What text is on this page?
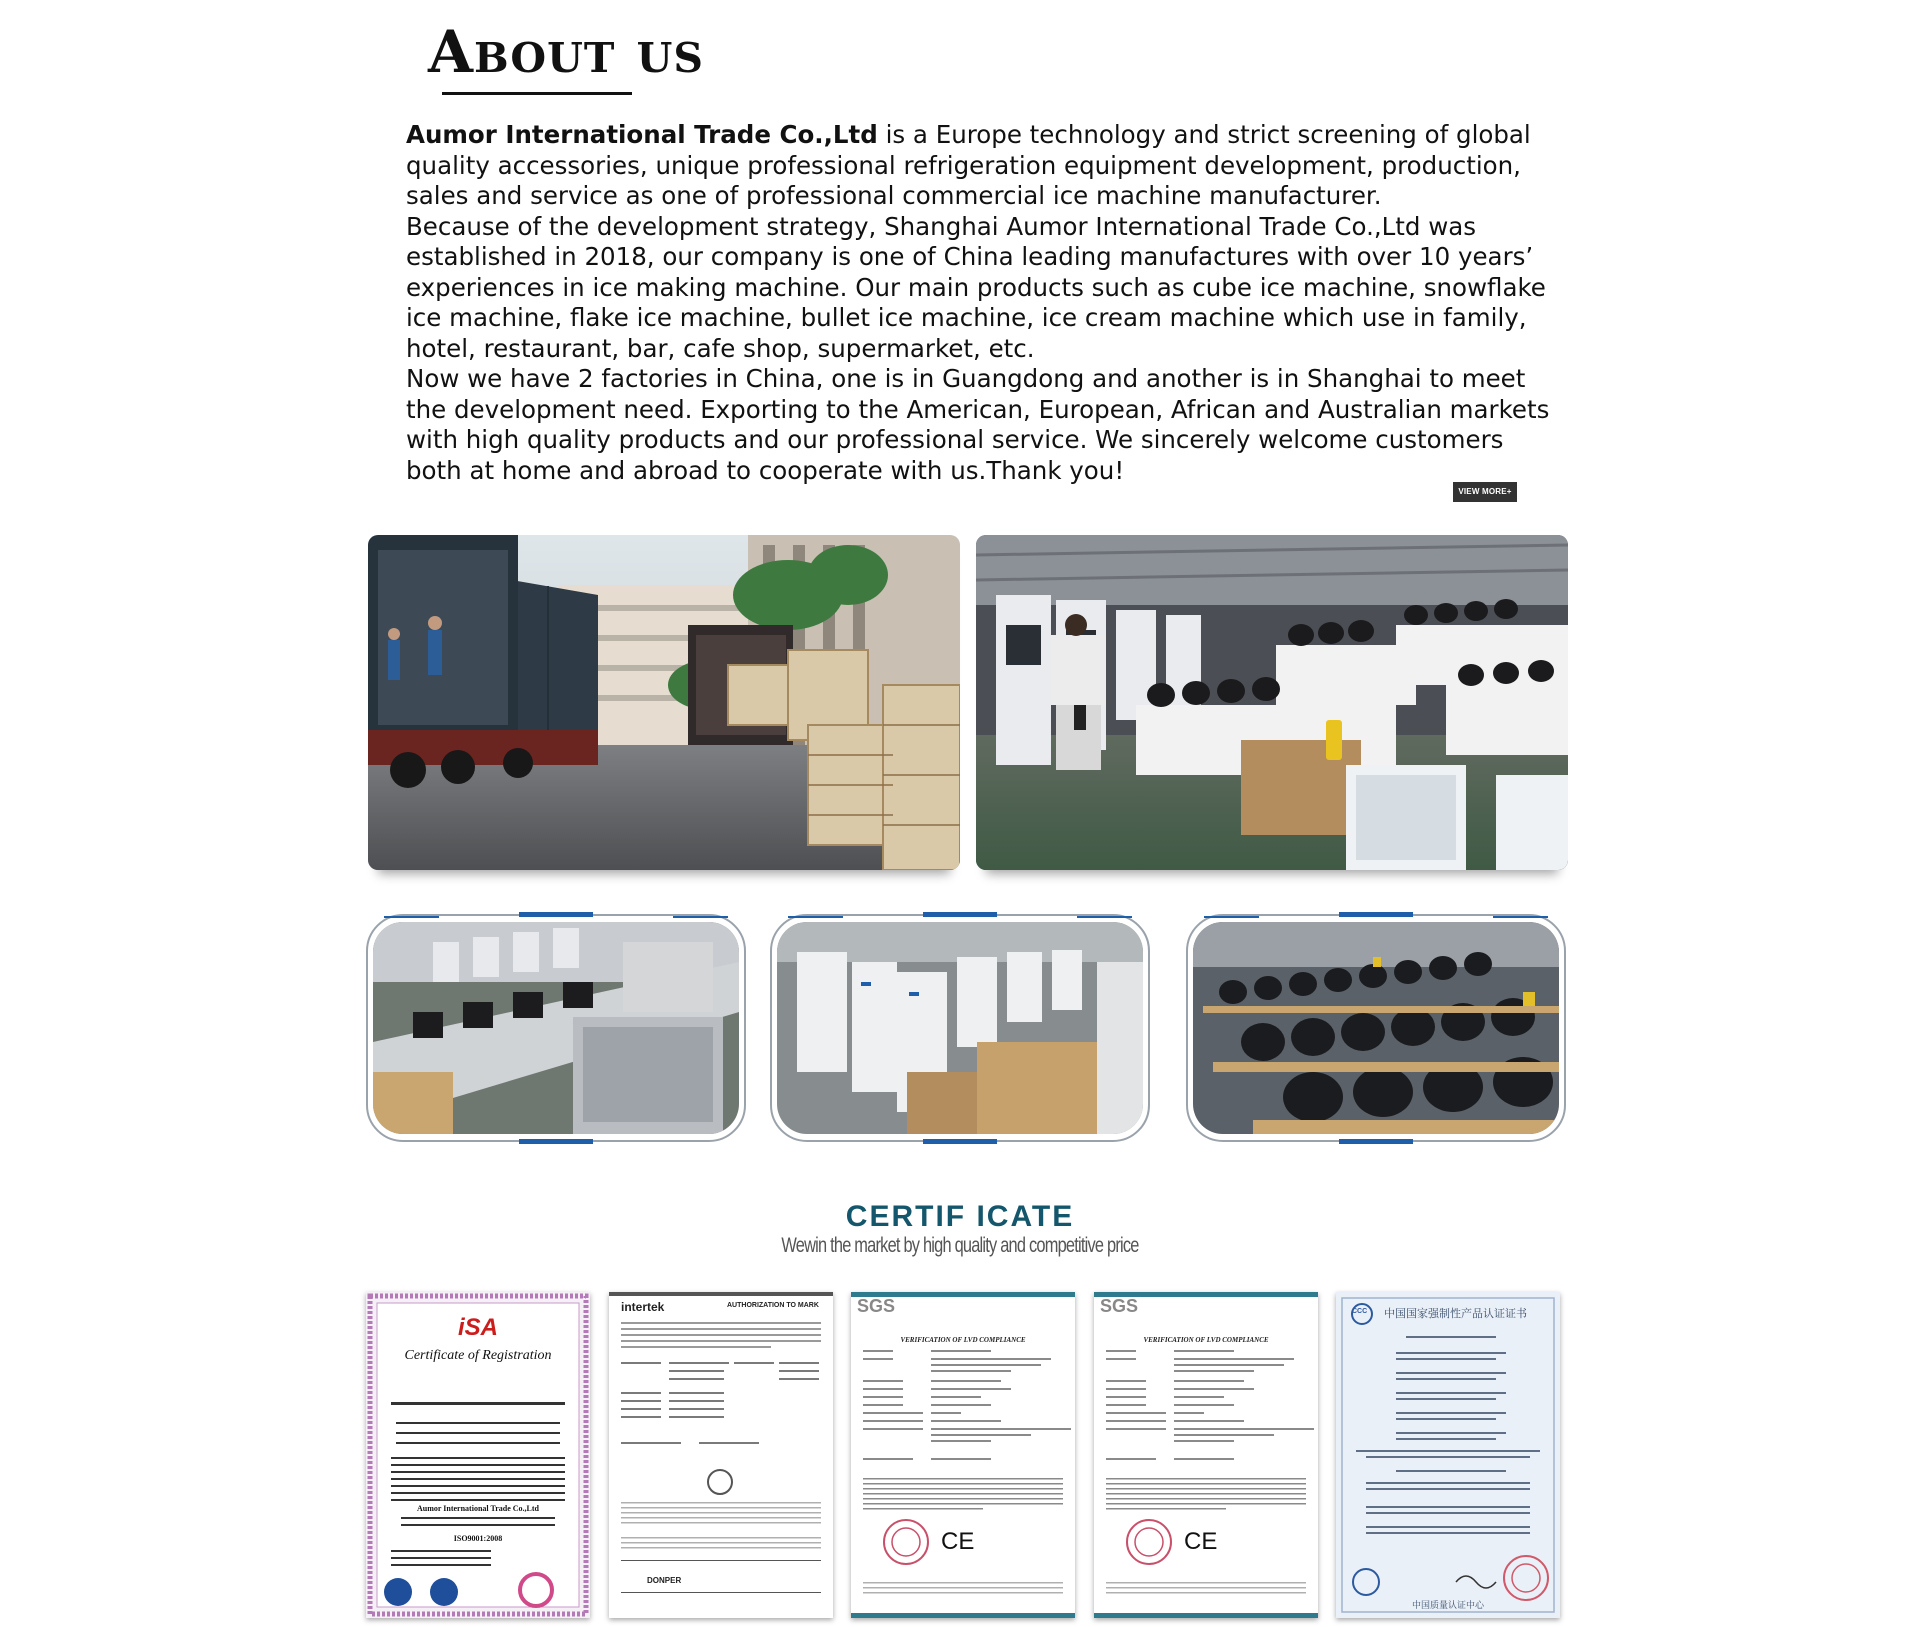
About us

Aumor International Trade Co.,Ltd is a Europe technology and strict screening of global quality accessories, unique professional refrigeration equipment development, production, sales and service as one of professional commercial ice machine manufacturer.

Because of the development strategy, Shanghai Aumor International Trade Co.,Ltd was established in 2018, our company is one of China leading manufactures with over 10 years’ experiences in ice making machine. Our main products such as cube ice machine, snowflake ice machine, flake ice machine, bullet ice machine, ice cream machine which use in family, hotel, restaurant, bar, cafe shop, supermarket, etc.

Now we have 2 factories in China, one is in Guangdong and another is in Shanghai to meet the development need. Exporting to the American, European, African and Australian markets with high quality products and our professional service. We sincerely welcome customers both at home and abroad to cooperate with us.Thank you!

VIEW MORE+
CERTIF ICATE
Wewin the market by high quality and competitive price
iSA
Certificate of Registration
Aumor International Trade Co.,Ltd
ISO9001:2008
intertek	AUTHORIZATION TO MARK
DONPER
SGS
VERIFICATION OF LVD COMPLIANCE
CE
SGS
VERIFICATION OF LVD COMPLIANCE
CE
中国国家强制性产品认证证书
CCC
中国质量认证中心
